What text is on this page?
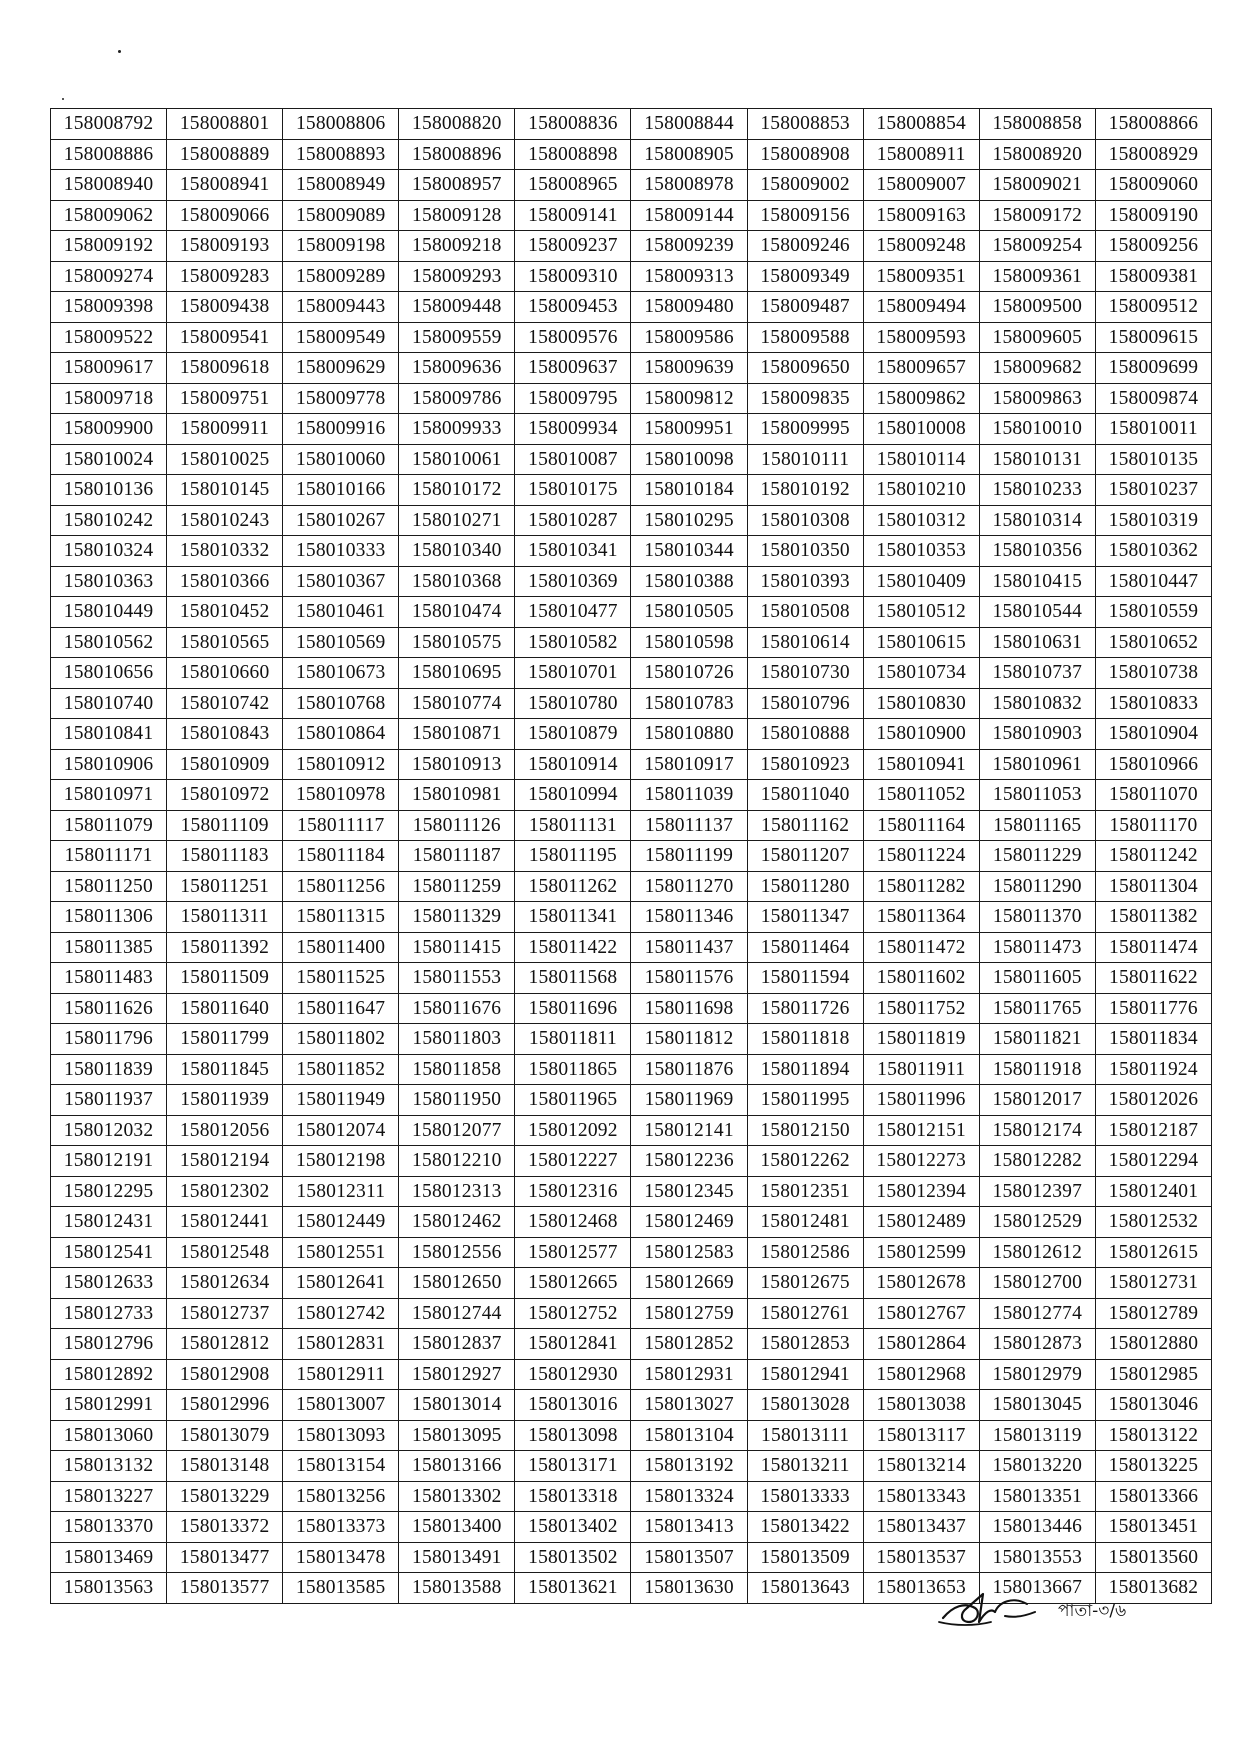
158008792	158008801	158008806	158008820	158008836	158008844	158008853	158008854	158008858	158008866
158008886	158008889	158008893	158008896	158008898	158008905	158008908	158008911	158008920	158008929
158008940	158008941	158008949	158008957	158008965	158008978	158009002	158009007	158009021	158009060
158009062	158009066	158009089	158009128	158009141	158009144	158009156	158009163	158009172	158009190
158009192	158009193	158009198	158009218	158009237	158009239	158009246	158009248	158009254	158009256
158009274	158009283	158009289	158009293	158009310	158009313	158009349	158009351	158009361	158009381
158009398	158009438	158009443	158009448	158009453	158009480	158009487	158009494	158009500	158009512
158009522	158009541	158009549	158009559	158009576	158009586	158009588	158009593	158009605	158009615
158009617	158009618	158009629	158009636	158009637	158009639	158009650	158009657	158009682	158009699
158009718	158009751	158009778	158009786	158009795	158009812	158009835	158009862	158009863	158009874
158009900	158009911	158009916	158009933	158009934	158009951	158009995	158010008	158010010	158010011
158010024	158010025	158010060	158010061	158010087	158010098	158010111	158010114	158010131	158010135
158010136	158010145	158010166	158010172	158010175	158010184	158010192	158010210	158010233	158010237
158010242	158010243	158010267	158010271	158010287	158010295	158010308	158010312	158010314	158010319
158010324	158010332	158010333	158010340	158010341	158010344	158010350	158010353	158010356	158010362
158010363	158010366	158010367	158010368	158010369	158010388	158010393	158010409	158010415	158010447
158010449	158010452	158010461	158010474	158010477	158010505	158010508	158010512	158010544	158010559
158010562	158010565	158010569	158010575	158010582	158010598	158010614	158010615	158010631	158010652
158010656	158010660	158010673	158010695	158010701	158010726	158010730	158010734	158010737	158010738
158010740	158010742	158010768	158010774	158010780	158010783	158010796	158010830	158010832	158010833
158010841	158010843	158010864	158010871	158010879	158010880	158010888	158010900	158010903	158010904
158010906	158010909	158010912	158010913	158010914	158010917	158010923	158010941	158010961	158010966
158010971	158010972	158010978	158010981	158010994	158011039	158011040	158011052	158011053	158011070
158011079	158011109	158011117	158011126	158011131	158011137	158011162	158011164	158011165	158011170
158011171	158011183	158011184	158011187	158011195	158011199	158011207	158011224	158011229	158011242
158011250	158011251	158011256	158011259	158011262	158011270	158011280	158011282	158011290	158011304
158011306	158011311	158011315	158011329	158011341	158011346	158011347	158011364	158011370	158011382
158011385	158011392	158011400	158011415	158011422	158011437	158011464	158011472	158011473	158011474
158011483	158011509	158011525	158011553	158011568	158011576	158011594	158011602	158011605	158011622
158011626	158011640	158011647	158011676	158011696	158011698	158011726	158011752	158011765	158011776
158011796	158011799	158011802	158011803	158011811	158011812	158011818	158011819	158011821	158011834
158011839	158011845	158011852	158011858	158011865	158011876	158011894	158011911	158011918	158011924
158011937	158011939	158011949	158011950	158011965	158011969	158011995	158011996	158012017	158012026
158012032	158012056	158012074	158012077	158012092	158012141	158012150	158012151	158012174	158012187
158012191	158012194	158012198	158012210	158012227	158012236	158012262	158012273	158012282	158012294
158012295	158012302	158012311	158012313	158012316	158012345	158012351	158012394	158012397	158012401
158012431	158012441	158012449	158012462	158012468	158012469	158012481	158012489	158012529	158012532
158012541	158012548	158012551	158012556	158012577	158012583	158012586	158012599	158012612	158012615
158012633	158012634	158012641	158012650	158012665	158012669	158012675	158012678	158012700	158012731
158012733	158012737	158012742	158012744	158012752	158012759	158012761	158012767	158012774	158012789
158012796	158012812	158012831	158012837	158012841	158012852	158012853	158012864	158012873	158012880
158012892	158012908	158012911	158012927	158012930	158012931	158012941	158012968	158012979	158012985
158012991	158012996	158013007	158013014	158013016	158013027	158013028	158013038	158013045	158013046
158013060	158013079	158013093	158013095	158013098	158013104	158013111	158013117	158013119	158013122
158013132	158013148	158013154	158013166	158013171	158013192	158013211	158013214	158013220	158013225
158013227	158013229	158013256	158013302	158013318	158013324	158013333	158013343	158013351	158013366
158013370	158013372	158013373	158013400	158013402	158013413	158013422	158013437	158013446	158013451
158013469	158013477	158013478	158013491	158013502	158013507	158013509	158013537	158013553	158013560
158013563	158013577	158013585	158013588	158013621	158013630	158013643	158013653	158013667	158013682
পাতা-৩/৬
